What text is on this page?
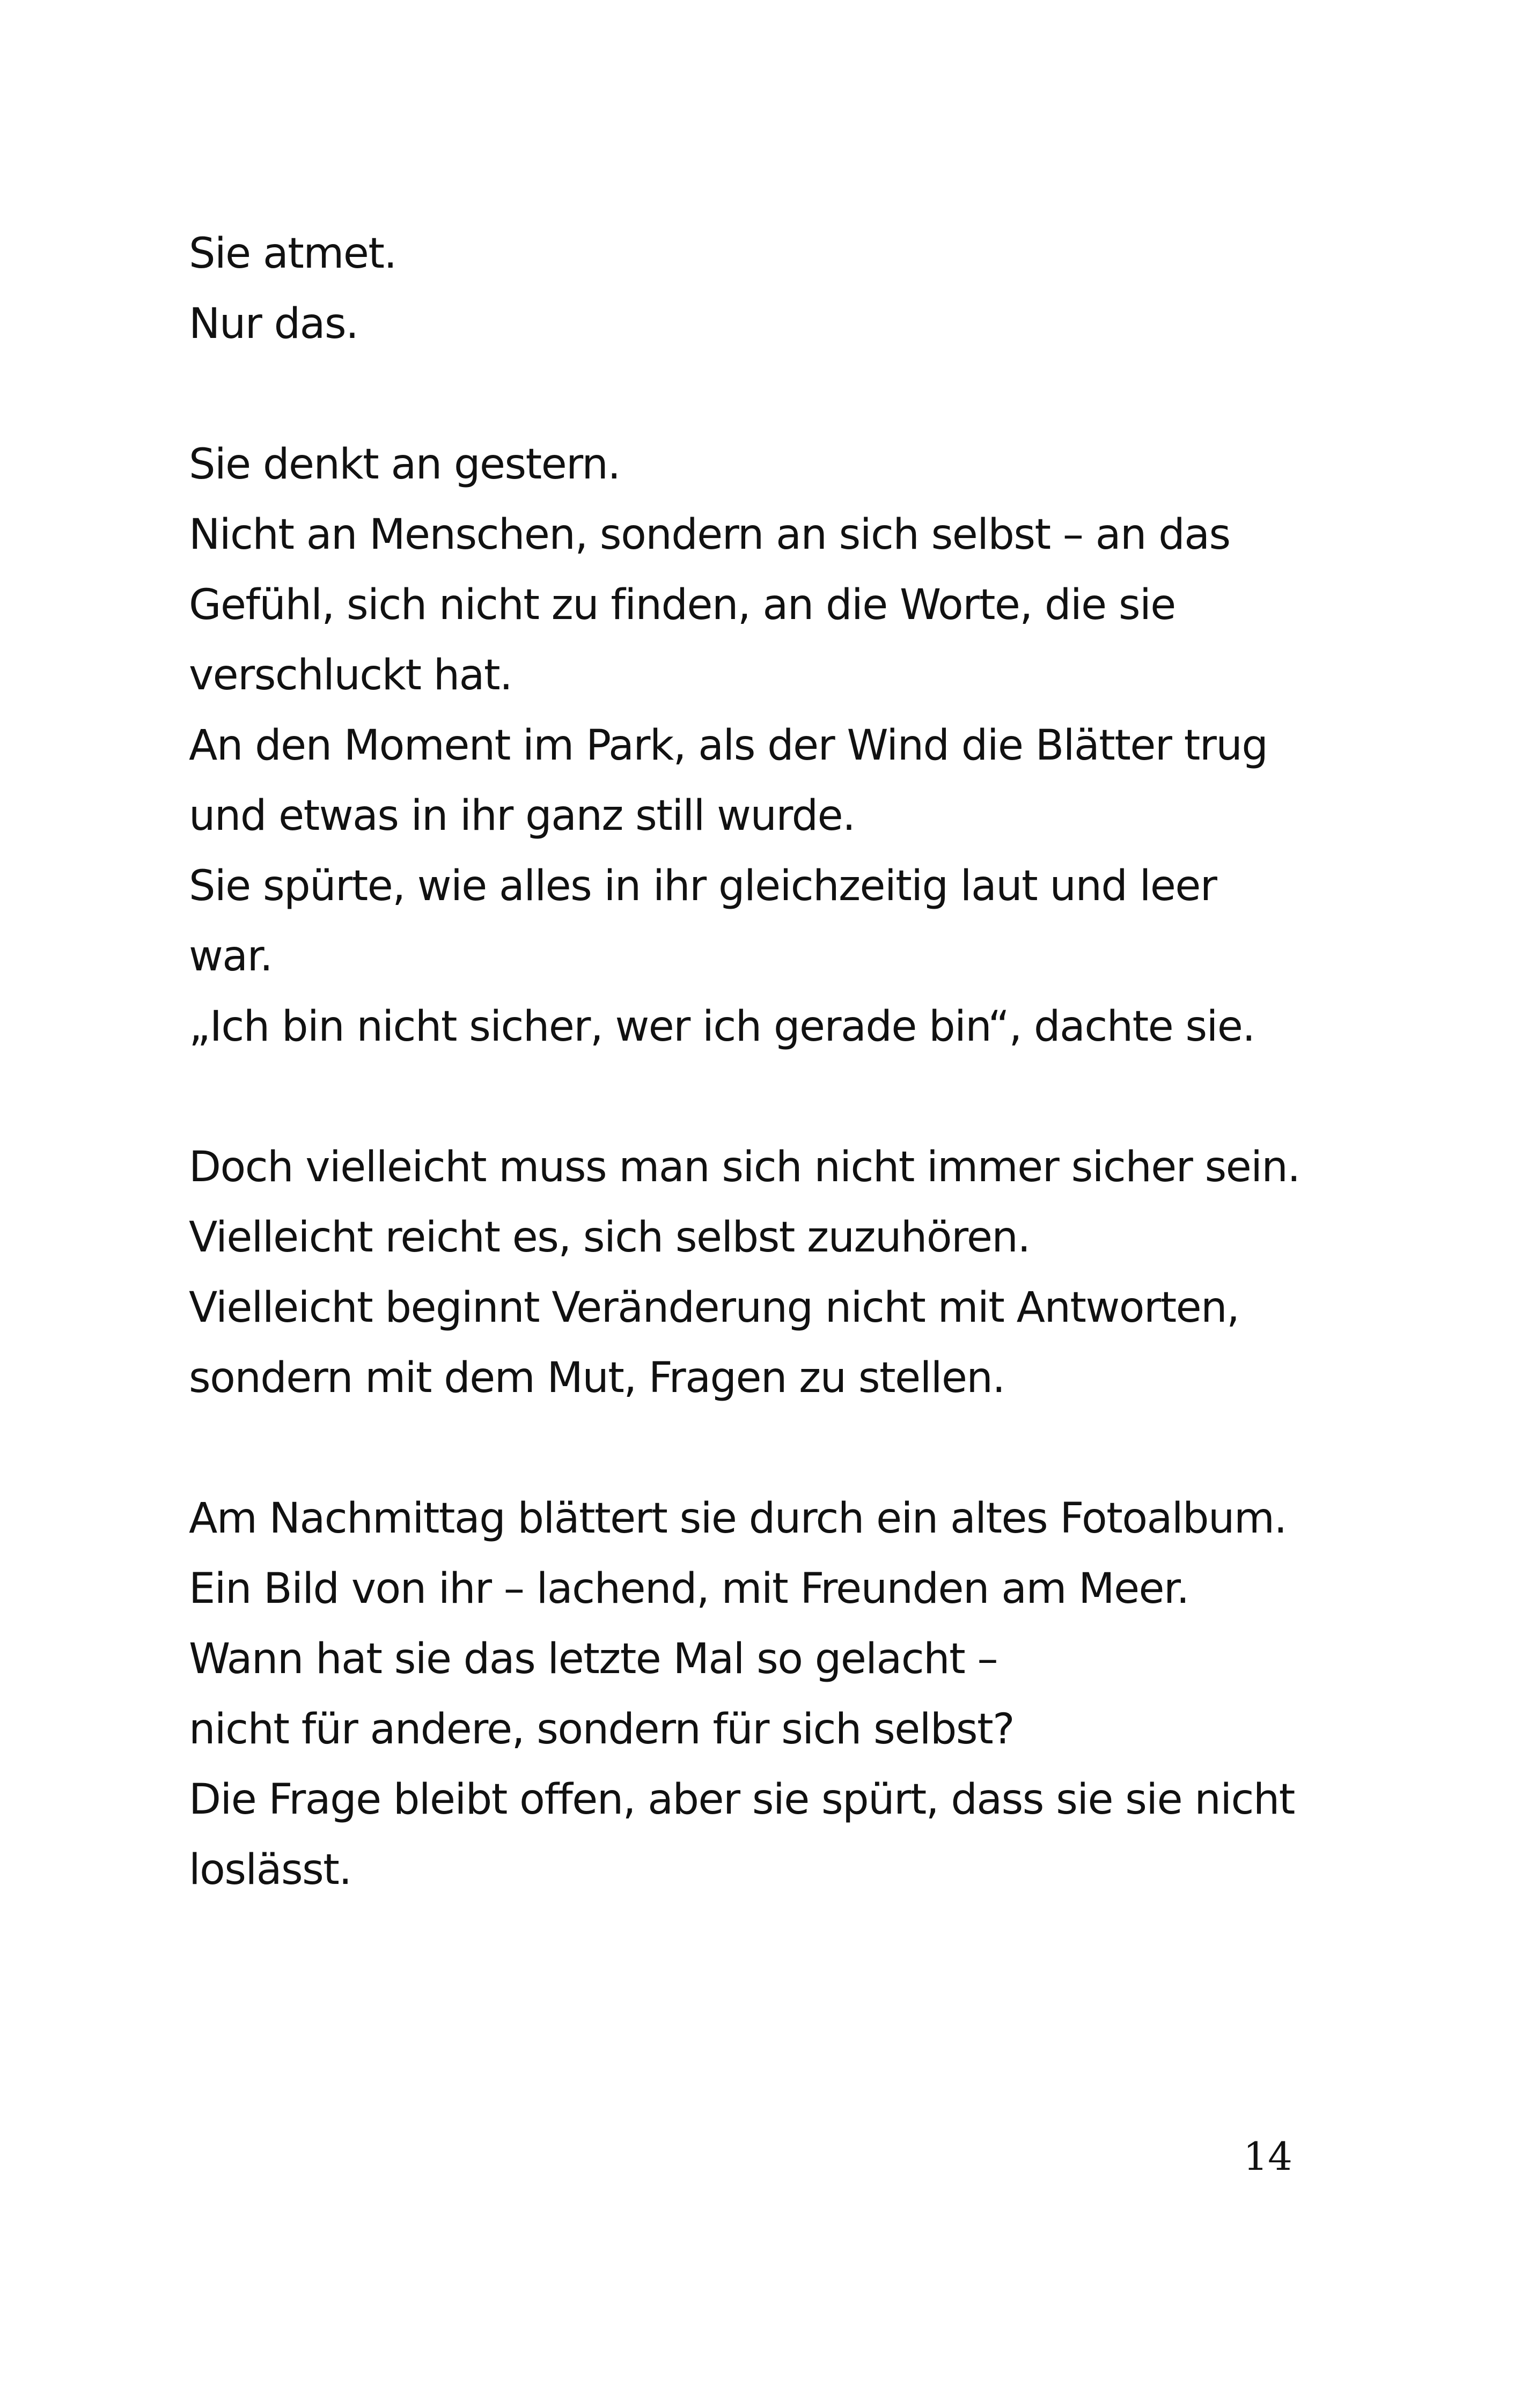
Sie atmet.
Nur das.
Sie denkt an gestern.
Nicht an Menschen, sondern an sich selbst – an das
Gefühl, sich nicht zu finden, an die Worte, die sie
verschluckt hat.
An den Moment im Park, als der Wind die Blätter trug
und etwas in ihr ganz still wurde.
Sie spürte, wie alles in ihr gleichzeitig laut und leer
war.
„Ich bin nicht sicher, wer ich gerade bin“, dachte sie.
Doch vielleicht muss man sich nicht immer sicher sein.
Vielleicht reicht es, sich selbst zuzuhören.
Vielleicht beginnt Veränderung nicht mit Antworten,
sondern mit dem Mut, Fragen zu stellen.
Am Nachmittag blättert sie durch ein altes Fotoalbum.
Ein Bild von ihr – lachend, mit Freunden am Meer.
Wann hat sie das letzte Mal so gelacht –
nicht für andere, sondern für sich selbst?
Die Frage bleibt offen, aber sie spürt, dass sie sie nicht
loslässt.
14
